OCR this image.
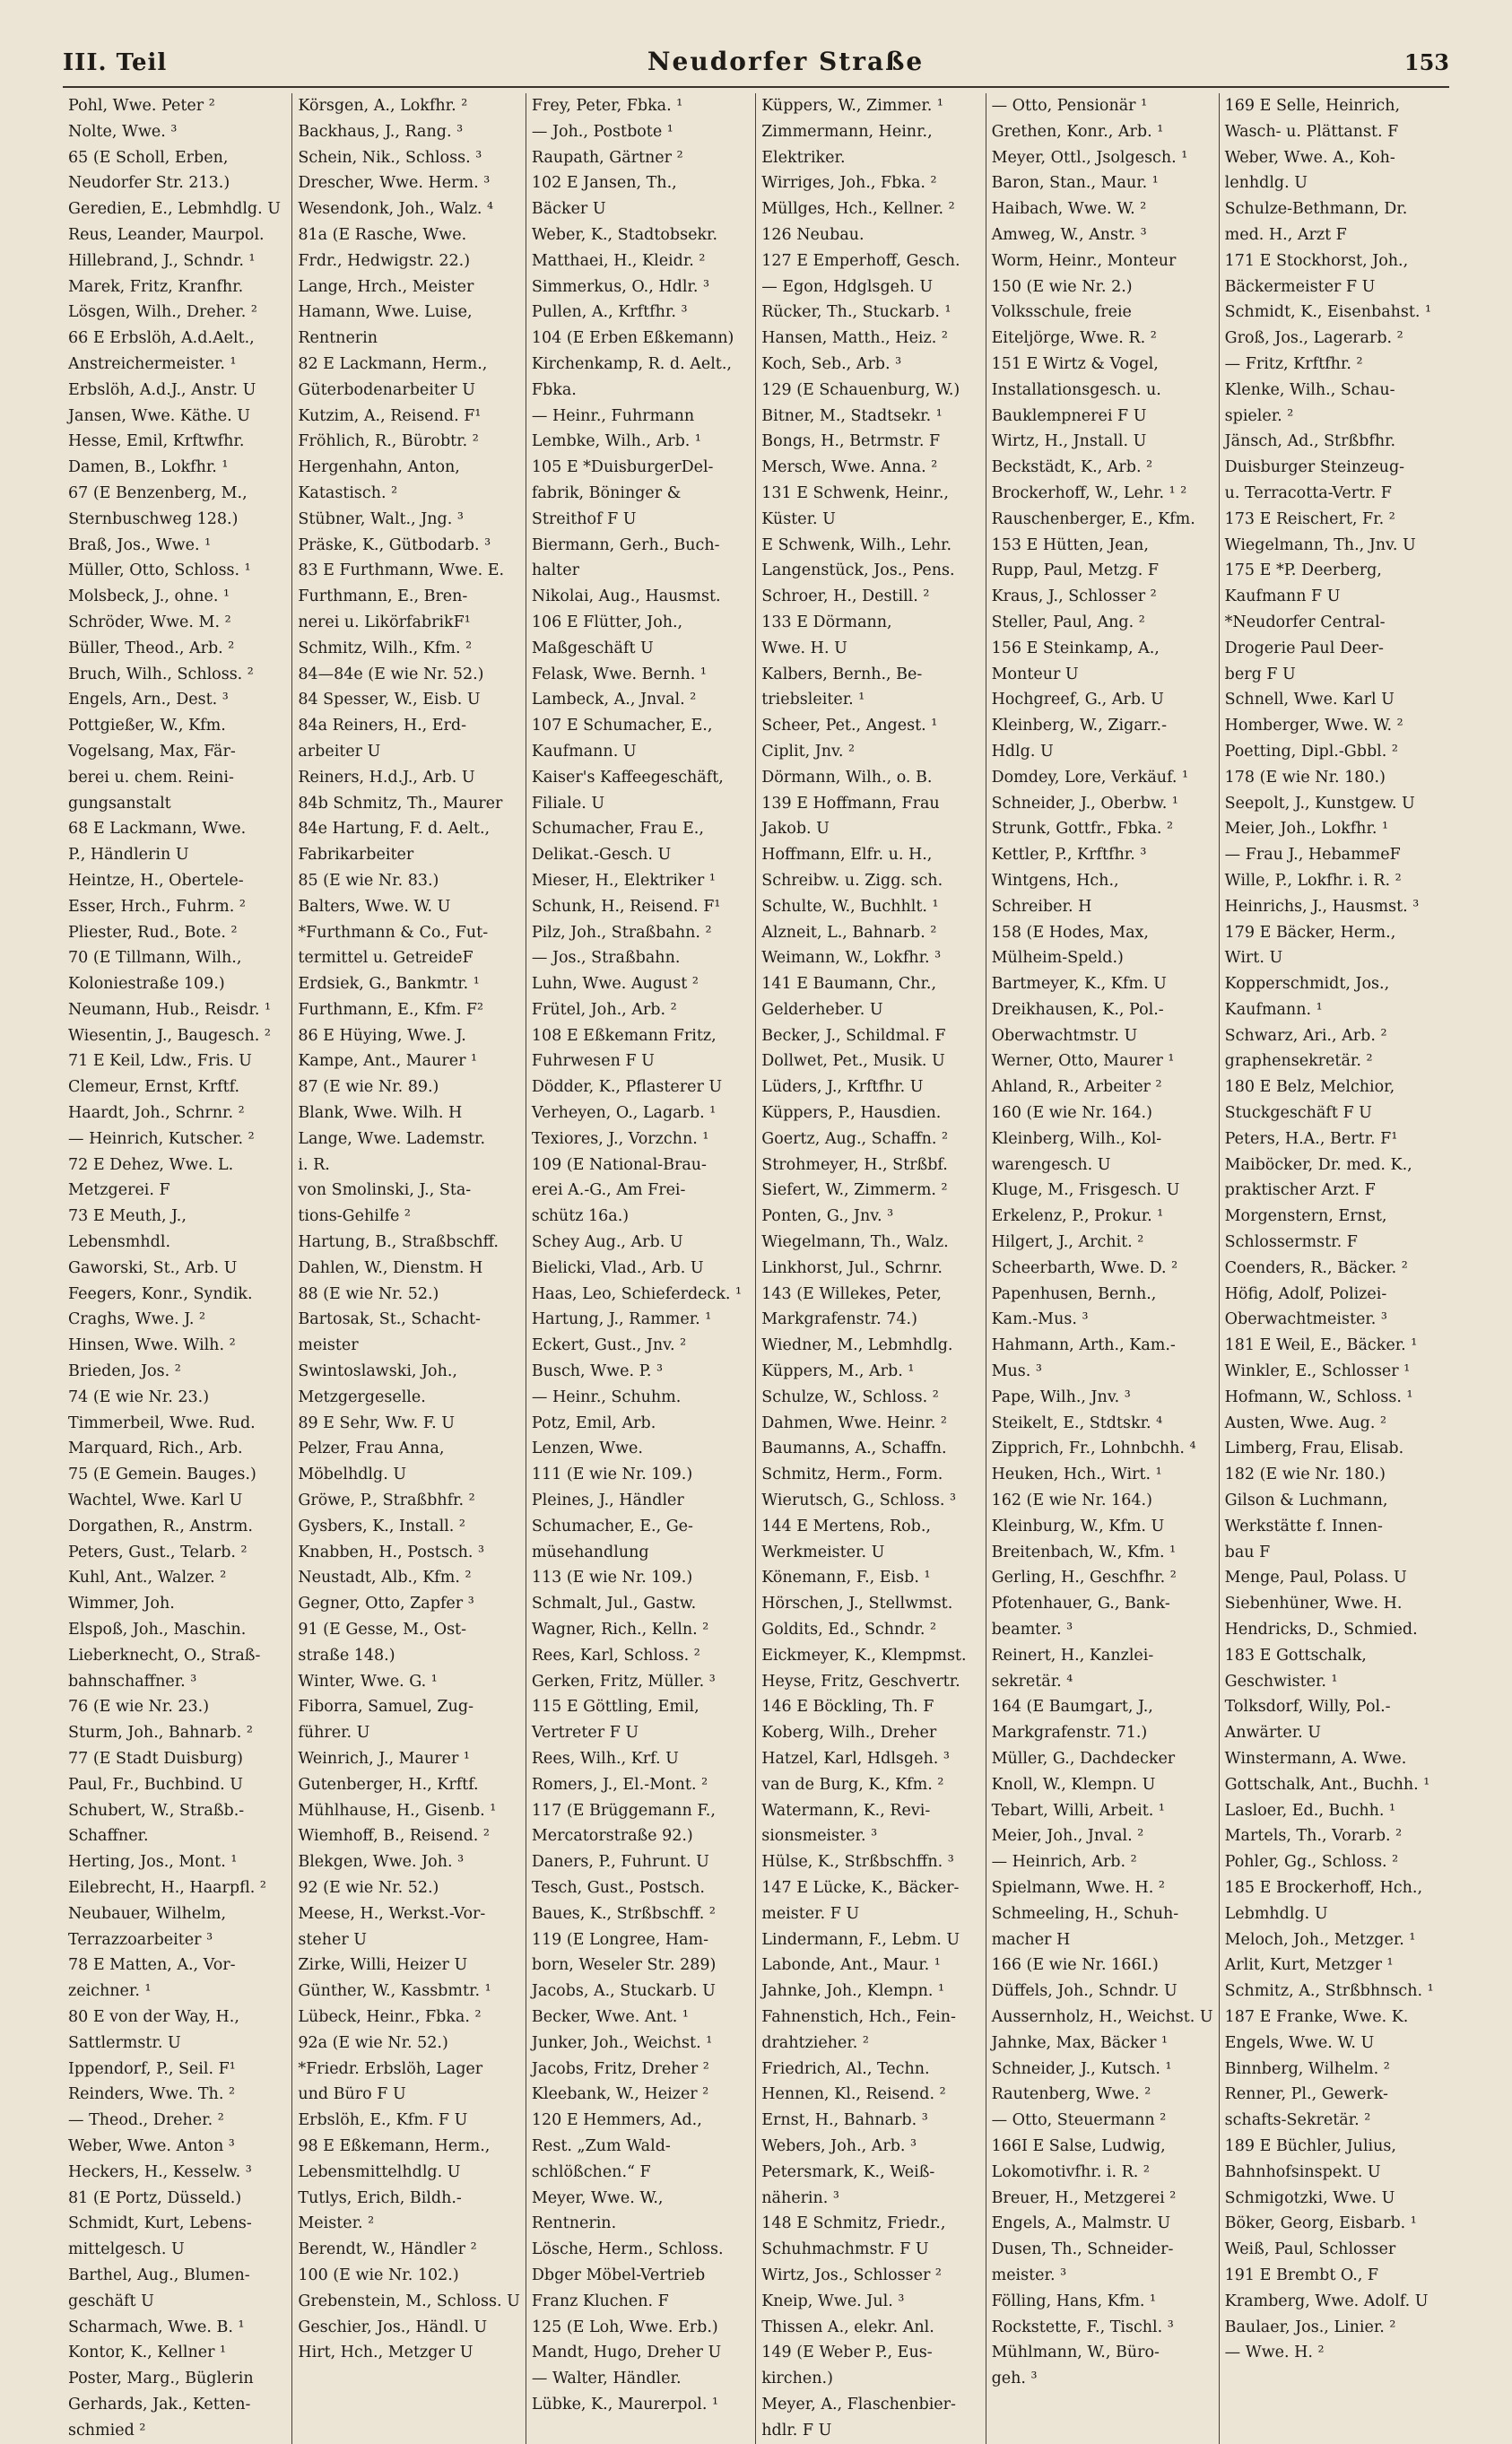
III. Teil	Neudorfer Straße	153
Pohl, Wwe. Peter ²
Nolte, Wwe. ³
65 (E Scholl, Erben,
Neudorfer Str. 213.)
Geredien, E., Lebmhdlg. U
Reus, Leander, Maurpol.
Hillebrand, J., Schndr. ¹
Marek, Fritz, Kranfhr.
Lösgen, Wilh., Dreher. ²
66 E Erbslöh, A.d.Aelt.,
Anstreichermeister. ¹
Erbslöh, A.d.J., Anstr. U
Jansen, Wwe. Käthe. U
Hesse, Emil, Krftwfhr.
Damen, B., Lokfhr. ¹
67 (E Benzenberg, M.,
Sternbuschweg 128.)
Braß, Jos., Wwe. ¹
Müller, Otto, Schloss. ¹
Molsbeck, J., ohne. ¹
Schröder, Wwe. M. ²
Büller, Theod., Arb. ²
Bruch, Wilh., Schloss. ²
Engels, Arn., Dest. ³
Pottgießer, W., Kfm.
Vogelsang, Max, Fär-
berei u. chem. Reini-
gungsanstalt
68 E Lackmann, Wwe.
P., Händlerin U
Heintze, H., Obertele-
Esser, Hrch., Fuhrm. ²
Pliester, Rud., Bote. ²
70 (E Tillmann, Wilh.,
Koloniestraße 109.)
Neumann, Hub., Reisdr. ¹
Wiesentin, J., Baugesch. ²
71 E Keil, Ldw., Fris. U
Clemeur, Ernst, Krftf.
Haardt, Joh., Schrnr. ²
— Heinrich, Kutscher. ²
72 E Dehez, Wwe. L.
Metzgerei. F
73 E Meuth, J.,
Lebensmhdl.
Gaworski, St., Arb. U
Feegers, Konr., Syndik.
Craghs, Wwe. J. ²
Hinsen, Wwe. Wilh. ²
Brieden, Jos. ²
74 (E wie Nr. 23.)
Timmerbeil, Wwe. Rud.
Marquard, Rich., Arb.
75 (E Gemein. Bauges.)
Wachtel, Wwe. Karl U
Dorgathen, R., Anstrm.
Peters, Gust., Telarb. ²
Kuhl, Ant., Walzer. ²
Wimmer, Joh.
Elspoß, Joh., Maschin.
Lieberknecht, O., Straß-
bahnschaffner. ³
76 (E wie Nr. 23.)
Sturm, Joh., Bahnarb. ²
77 (E Stadt Duisburg)
Paul, Fr., Buchbind. U
Schubert, W., Straßb.-
Schaffner.
Herting, Jos., Mont. ¹
Eilebrecht, H., Haarpfl. ²
Neubauer, Wilhelm,
Terrazzoarbeiter ³
78 E Matten, A., Vor-
zeichner. ¹
80 E von der Way, H.,
Sattlermstr. U
Ippendorf, P., Seil. F¹
Reinders, Wwe. Th. ²
— Theod., Dreher. ²
Weber, Wwe. Anton ³
Heckers, H., Kesselw. ³
81 (E Portz, Düsseld.)
Schmidt, Kurt, Lebens-
mittelgesch. U
Barthel, Aug., Blumen-
geschäft U
Scharmach, Wwe. B. ¹
Kontor, K., Kellner ¹
Poster, Marg., Büglerin
Gerhards, Jak., Ketten-
schmied ²
Körsgen, A., Lokfhr. ²
Backhaus, J., Rang. ³
Schein, Nik., Schloss. ³
Drescher, Wwe. Herm. ³
Wesendonk, Joh., Walz. ⁴
81a (E Rasche, Wwe.
Frdr., Hedwigstr. 22.)
Lange, Hrch., Meister
Hamann, Wwe. Luise,
Rentnerin
82 E Lackmann, Herm.,
Güterbodenarbeiter U
Kutzim, A., Reisend. F¹
Fröhlich, R., Bürobtr. ²
Hergenhahn, Anton,
Katastisch. ²
Stübner, Walt., Jng. ³
Präske, K., Gütbodarb. ³
83 E Furthmann, Wwe. E.
Furthmann, E., Bren-
nerei u. LikörfabrikF¹
Schmitz, Wilh., Kfm. ²
84—84e (E wie Nr. 52.)
84 Spesser, W., Eisb. U
84a Reiners, H., Erd-
arbeiter U
Reiners, H.d.J., Arb. U
84b Schmitz, Th., Maurer
84e Hartung, F. d. Aelt.,
Fabrikarbeiter
85 (E wie Nr. 83.)
Balters, Wwe. W. U
*Furthmann & Co., Fut-
termittel u. GetreideF
Erdsiek, G., Bankmtr. ¹
Furthmann, E., Kfm. F²
86 E Hüying, Wwe. J.
Kampe, Ant., Maurer ¹
87 (E wie Nr. 89.)
Blank, Wwe. Wilh. H
Lange, Wwe. Lademstr.
i. R.
von Smolinski, J., Sta-
tions-Gehilfe ²
Hartung, B., Straßbschff.
Dahlen, W., Dienstm. H
88 (E wie Nr. 52.)
Bartosak, St., Schacht-
meister
Swintoslawski, Joh.,
Metzgergeselle.
89 E Sehr, Ww. F. U
Pelzer, Frau Anna,
Möbelhdlg. U
Gröwe, P., Straßbhfr. ²
Gysbers, K., Install. ²
Knabben, H., Postsch. ³
Neustadt, Alb., Kfm. ²
Gegner, Otto, Zapfer ³
91 (E Gesse, M., Ost-
straße 148.)
Winter, Wwe. G. ¹
Fiborra, Samuel, Zug-
führer. U
Weinrich, J., Maurer ¹
Gutenberger, H., Krftf.
Mühlhause, H., Gisenb. ¹
Wiemhoff, B., Reisend. ²
Blekgen, Wwe. Joh. ³
92 (E wie Nr. 52.)
Meese, H., Werkst.-Vor-
steher U
Zirke, Willi, Heizer U
Günther, W., Kassbmtr. ¹
Lübeck, Heinr., Fbka. ²
92a (E wie Nr. 52.)
*Friedr. Erbslöh, Lager
und Büro F U
Erbslöh, E., Kfm. F U
98 E Eßkemann, Herm.,
Lebensmittelhdlg. U
Tutlys, Erich, Bildh.-
Meister. ²
Berendt, W., Händler ²
100 (E wie Nr. 102.)
Grebenstein, M., Schloss. U
Geschier, Jos., Händl. U
Hirt, Hch., Metzger U
Frey, Peter, Fbka. ¹
— Joh., Postbote ¹
Raupath, Gärtner ²
102 E Jansen, Th.,
Bäcker U
Weber, K., Stadtobsekr.
Matthaei, H., Kleidr. ²
Simmerkus, O., Hdlr. ³
Pullen, A., Krftfhr. ³
104 (E Erben Eßkemann)
Kirchenkamp, R. d. Aelt.,
Fbka.
— Heinr., Fuhrmann
Lembke, Wilh., Arb. ¹
105 E *DuisburgerDel-
fabrik, Böninger &
Streithof F U
Biermann, Gerh., Buch-
halter
Nikolai, Aug., Hausmst.
106 E Flütter, Joh.,
Maßgeschäft U
Felask, Wwe. Bernh. ¹
Lambeck, A., Jnval. ²
107 E Schumacher, E.,
Kaufmann. U
Kaiser's Kaffeegeschäft,
Filiale. U
Schumacher, Frau E.,
Delikat.-Gesch. U
Mieser, H., Elektriker ¹
Schunk, H., Reisend. F¹
Pilz, Joh., Straßbahn. ²
— Jos., Straßbahn.
Luhn, Wwe. August ²
Frütel, Joh., Arb. ²
108 E Eßkemann Fritz,
Fuhrwesen F U
Dödder, K., Pflasterer U
Verheyen, O., Lagarb. ¹
Texiores, J., Vorzchn. ¹
109 (E National-Brau-
erei A.-G., Am Frei-
schütz 16a.)
Schey Aug., Arb. U
Bielicki, Vlad., Arb. U
Haas, Leo, Schieferdeck. ¹
Hartung, J., Rammer. ¹
Eckert, Gust., Jnv. ²
Busch, Wwe. P. ³
— Heinr., Schuhm.
Potz, Emil, Arb.
Lenzen, Wwe.
111 (E wie Nr. 109.)
Pleines, J., Händler
Schumacher, E., Ge-
müsehandlung
113 (E wie Nr. 109.)
Schmalt, Jul., Gastw.
Wagner, Rich., Kelln. ²
Rees, Karl, Schloss. ²
Gerken, Fritz, Müller. ³
115 E Göttling, Emil,
Vertreter F U
Rees, Wilh., Krf. U
Romers, J., El.-Mont. ²
117 (E Brüggemann F.,
Mercatorstraße 92.)
Daners, P., Fuhrunt. U
Tesch, Gust., Postsch.
Baues, K., Strßbschff. ²
119 (E Longree, Ham-
born, Weseler Str. 289)
Jacobs, A., Stuckarb. U
Becker, Wwe. Ant. ¹
Junker, Joh., Weichst. ¹
Jacobs, Fritz, Dreher ²
Kleebank, W., Heizer ²
120 E Hemmers, Ad.,
Rest. „Zum Wald-
schlößchen.“ F
Meyer, Wwe. W.,
Rentnerin.
Lösche, Herm., Schloss.
Dbger Möbel-Vertrieb
Franz Kluchen. F
125 (E Loh, Wwe. Erb.)
Mandt, Hugo, Dreher U
— Walter, Händler.
Lübke, K., Maurerpol. ¹
Küppers, W., Zimmer. ¹
Zimmermann, Heinr.,
Elektriker.
Wirriges, Joh., Fbka. ²
Müllges, Hch., Kellner. ²
126 Neubau.
127 E Emperhoff, Gesch.
— Egon, Hdglsgeh. U
Rücker, Th., Stuckarb. ¹
Hansen, Matth., Heiz. ²
Koch, Seb., Arb. ³
129 (E Schauenburg, W.)
Bitner, M., Stadtsekr. ¹
Bongs, H., Betrmstr. F
Mersch, Wwe. Anna. ²
131 E Schwenk, Heinr.,
Küster. U
E Schwenk, Wilh., Lehr.
Langenstück, Jos., Pens.
Schroer, H., Destill. ²
133 E Dörmann,
Wwe. H. U
Kalbers, Bernh., Be-
triebsleiter. ¹
Scheer, Pet., Angest. ¹
Ciplit, Jnv. ²
Dörmann, Wilh., o. B.
139 E Hoffmann, Frau
Jakob. U
Hoffmann, Elfr. u. H.,
Schreibw. u. Zigg. sch.
Schulte, W., Buchhlt. ¹
Alzneit, L., Bahnarb. ²
Weimann, W., Lokfhr. ³
141 E Baumann, Chr.,
Gelderheber. U
Becker, J., Schildmal. F
Dollwet, Pet., Musik. U
Lüders, J., Krftfhr. U
Küppers, P., Hausdien.
Goertz, Aug., Schaffn. ²
Strohmeyer, H., Strßbf.
Siefert, W., Zimmerm. ²
Ponten, G., Jnv. ³
Wiegelmann, Th., Walz.
Linkhorst, Jul., Schrnr.
143 (E Willekes, Peter,
Markgrafenstr. 74.)
Wiedner, M., Lebmhdlg.
Küppers, M., Arb. ¹
Schulze, W., Schloss. ²
Dahmen, Wwe. Heinr. ²
Baumanns, A., Schaffn.
Schmitz, Herm., Form.
Wierutsch, G., Schloss. ³
144 E Mertens, Rob.,
Werkmeister. U
Könemann, F., Eisb. ¹
Hörschen, J., Stellwmst.
Goldits, Ed., Schndr. ²
Eickmeyer, K., Klempmst.
Heyse, Fritz, Geschvertr.
146 E Böckling, Th. F
Koberg, Wilh., Dreher
Hatzel, Karl, Hdlsgeh. ³
van de Burg, K., Kfm. ²
Watermann, K., Revi-
sionsmeister. ³
Hülse, K., Strßbschffn. ³
147 E Lücke, K., Bäcker-
meister. F U
Lindermann, F., Lebm. U
Labonde, Ant., Maur. ¹
Jahnke, Joh., Klempn. ¹
Fahnenstich, Hch., Fein-
drahtzieher. ²
Friedrich, Al., Techn.
Hennen, Kl., Reisend. ²
Ernst, H., Bahnarb. ³
Webers, Joh., Arb. ³
Petersmark, K., Weiß-
näherin. ³
148 E Schmitz, Friedr.,
Schuhmachmstr. F U
Wirtz, Jos., Schlosser ²
Kneip, Wwe. Jul. ³
Thissen A., elekr. Anl.
149 (E Weber P., Eus-
kirchen.)
Meyer, A., Flaschenbier-
hdlr. F U
— Otto, Pensionär ¹
Grethen, Konr., Arb. ¹
Meyer, Ottl., Jsolgesch. ¹
Baron, Stan., Maur. ¹
Haibach, Wwe. W. ²
Amweg, W., Anstr. ³
Worm, Heinr., Monteur
150 (E wie Nr. 2.)
Volksschule, freie
Eiteljörge, Wwe. R. ²
151 E Wirtz & Vogel,
Installationsgesch. u.
Bauklempnerei F U
Wirtz, H., Jnstall. U
Beckstädt, K., Arb. ²
Brockerhoff, W., Lehr. ¹ ²
Rauschenberger, E., Kfm.
153 E Hütten, Jean,
Rupp, Paul, Metzg. F
Kraus, J., Schlosser ²
Steller, Paul, Ang. ²
156 E Steinkamp, A.,
Monteur U
Hochgreef, G., Arb. U
Kleinberg, W., Zigarr.-
Hdlg. U
Domdey, Lore, Verkäuf. ¹
Schneider, J., Oberbw. ¹
Strunk, Gottfr., Fbka. ²
Kettler, P., Krftfhr. ³
Wintgens, Hch.,
Schreiber. H
158 (E Hodes, Max,
Mülheim-Speld.)
Bartmeyer, K., Kfm. U
Dreikhausen, K., Pol.-
Oberwachtmstr. U
Werner, Otto, Maurer ¹
Ahland, R., Arbeiter ²
160 (E wie Nr. 164.)
Kleinberg, Wilh., Kol-
warengesch. U
Kluge, M., Frisgesch. U
Erkelenz, P., Prokur. ¹
Hilgert, J., Archit. ²
Scheerbarth, Wwe. D. ²
Papenhusen, Bernh.,
Kam.-Mus. ³
Hahmann, Arth., Kam.-
Mus. ³
Pape, Wilh., Jnv. ³
Steikelt, E., Stdtskr. ⁴
Zipprich, Fr., Lohnbchh. ⁴
Heuken, Hch., Wirt. ¹
162 (E wie Nr. 164.)
Kleinburg, W., Kfm. U
Breitenbach, W., Kfm. ¹
Gerling, H., Geschfhr. ²
Pfotenhauer, G., Bank-
beamter. ³
Reinert, H., Kanzlei-
sekretär. ⁴
164 (E Baumgart, J.,
Markgrafenstr. 71.)
Müller, G., Dachdecker
Knoll, W., Klempn. U
Tebart, Willi, Arbeit. ¹
Meier, Joh., Jnval. ²
— Heinrich, Arb. ²
Spielmann, Wwe. H. ²
Schmeeling, H., Schuh-
macher H
166 (E wie Nr. 166I.)
Düffels, Joh., Schndr. U
Aussernholz, H., Weichst. U
Jahnke, Max, Bäcker ¹
Schneider, J., Kutsch. ¹
Rautenberg, Wwe. ²
— Otto, Steuermann ²
166I E Salse, Ludwig,
Lokomotivfhr. i. R. ²
Breuer, H., Metzgerei ²
Engels, A., Malmstr. U
Dusen, Th., Schneider-
meister. ³
Fölling, Hans, Kfm. ¹
Rockstette, F., Tischl. ³
Mühlmann, W., Büro-
geh. ³
169 E Selle, Heinrich,
Wasch- u. Plättanst. F
Weber, Wwe. A., Koh-
lenhdlg. U
Schulze-Bethmann, Dr.
med. H., Arzt F
171 E Stockhorst, Joh.,
Bäckermeister F U
Schmidt, K., Eisenbahst. ¹
Groß, Jos., Lagerarb. ²
— Fritz, Krftfhr. ²
Klenke, Wilh., Schau-
spieler. ²
Jänsch, Ad., Strßbfhr.
Duisburger Steinzeug-
u. Terracotta-Vertr. F
173 E Reischert, Fr. ²
Wiegelmann, Th., Jnv. U
175 E *P. Deerberg,
Kaufmann F U
*Neudorfer Central-
Drogerie Paul Deer-
berg F U
Schnell, Wwe. Karl U
Homberger, Wwe. W. ²
Poetting, Dipl.-Gbbl. ²
178 (E wie Nr. 180.)
Seepolt, J., Kunstgew. U
Meier, Joh., Lokfhr. ¹
— Frau J., HebammeF
Wille, P., Lokfhr. i. R. ²
Heinrichs, J., Hausmst. ³
179 E Bäcker, Herm.,
Wirt. U
Kopperschmidt, Jos.,
Kaufmann. ¹
Schwarz, Ari., Arb. ²
graphensekretär. ²
180 E Belz, Melchior,
Stuckgeschäft F U
Peters, H.A., Bertr. F¹
Maiböcker, Dr. med. K.,
praktischer Arzt. F
Morgenstern, Ernst,
Schlossermstr. F
Coenders, R., Bäcker. ²
Höfig, Adolf, Polizei-
Oberwachtmeister. ³
181 E Weil, E., Bäcker. ¹
Winkler, E., Schlosser ¹
Hofmann, W., Schloss. ¹
Austen, Wwe. Aug. ²
Limberg, Frau, Elisab.
182 (E wie Nr. 180.)
Gilson & Luchmann,
Werkstätte f. Innen-
bau F
Menge, Paul, Polass. U
Siebenhüner, Wwe. H.
Hendricks, D., Schmied.
183 E Gottschalk,
Geschwister. ¹
Tolksdorf, Willy, Pol.-
Anwärter. U
Winstermann, A. Wwe.
Gottschalk, Ant., Buchh. ¹
Lasloer, Ed., Buchh. ¹
Martels, Th., Vorarb. ²
Pohler, Gg., Schloss. ²
185 E Brockerhoff, Hch.,
Lebmhdlg. U
Meloch, Joh., Metzger. ¹
Arlit, Kurt, Metzger ¹
Schmitz, A., Strßbhnsch. ¹
187 E Franke, Wwe. K.
Engels, Wwe. W. U
Binnberg, Wilhelm. ²
Renner, Pl., Gewerk-
schafts-Sekretär. ²
189 E Büchler, Julius,
Bahnhofsinspekt. U
Schmigotzki, Wwe. U
Böker, Georg, Eisbarb. ¹
Weiß, Paul, Schlosser
191 E Brembt O., F
Kramberg, Wwe. Adolf. U
Baulaer, Jos., Linier. ²
— Wwe. H. ²
